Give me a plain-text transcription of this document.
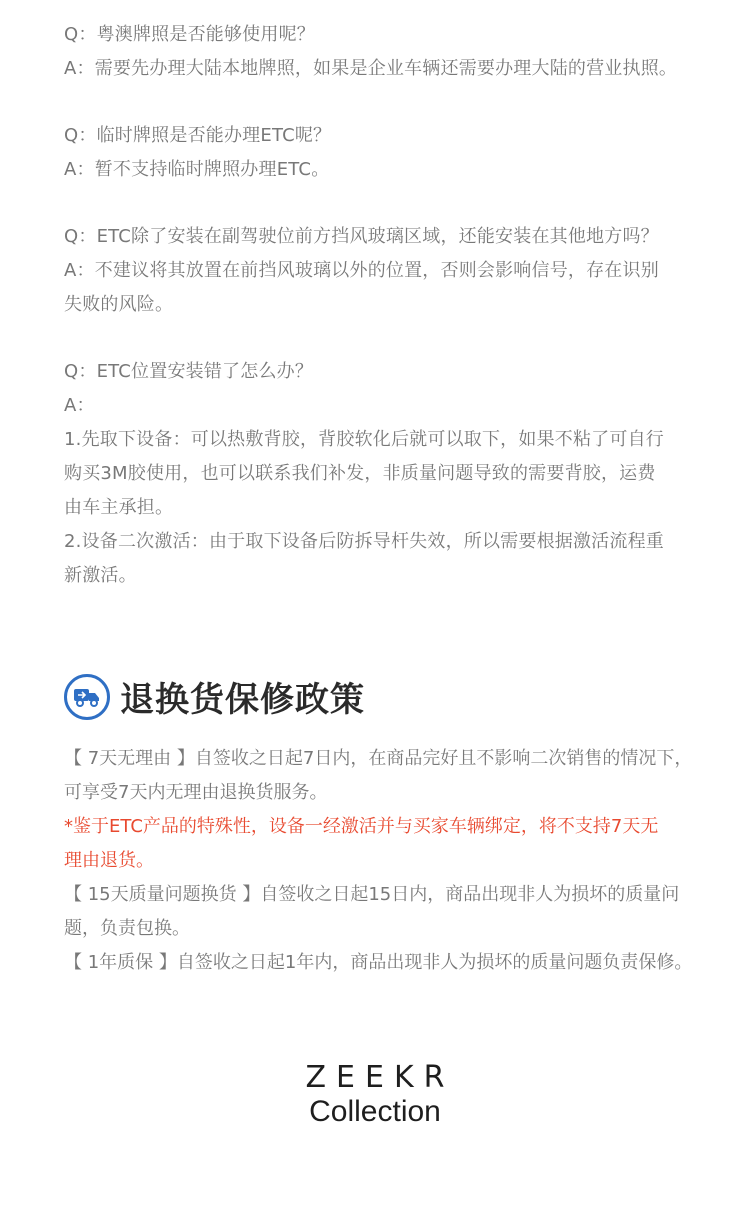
Q：粤澳牌照是否能够使用呢？
A：需要先办理大陆本地牌照，如果是企业车辆还需要办理大陆的营业执照。
Q：临时牌照是否能办理ETC呢？
A：暂不支持临时牌照办理ETC。
Q：ETC除了安装在副驾驶位前方挡风玻璃区域，还能安装在其他地方吗？
A：不建议将其放置在前挡风玻璃以外的位置，否则会影响信号，存在识别
失败的风险。
Q：ETC位置安装错了怎么办？
A：
1.先取下设备：可以热敷背胶，背胶软化后就可以取下，如果不粘了可自行
购买3M胶使用，也可以联系我们补发，非质量问题导致的需要背胶，运费
由车主承担。
2.设备二次激活：由于取下设备后防拆导杆失效，所以需要根据激活流程重
新激活。
退换货保修政策
【 7天无理由 】自签收之日起7日内，在商品完好且不影响二次销售的情况下，
可享受7天内无理由退换货服务。
*鉴于ETC产品的特殊性，设备一经激活并与买家车辆绑定，将不支持7天无
理由退货。
【 15天质量问题换货 】自签收之日起15日内，商品出现非人为损坏的质量问
题，负责包换。
【 1年质保 】自签收之日起1年内，商品出现非人为损坏的质量问题负责保修。
ZEEKR
Collection
